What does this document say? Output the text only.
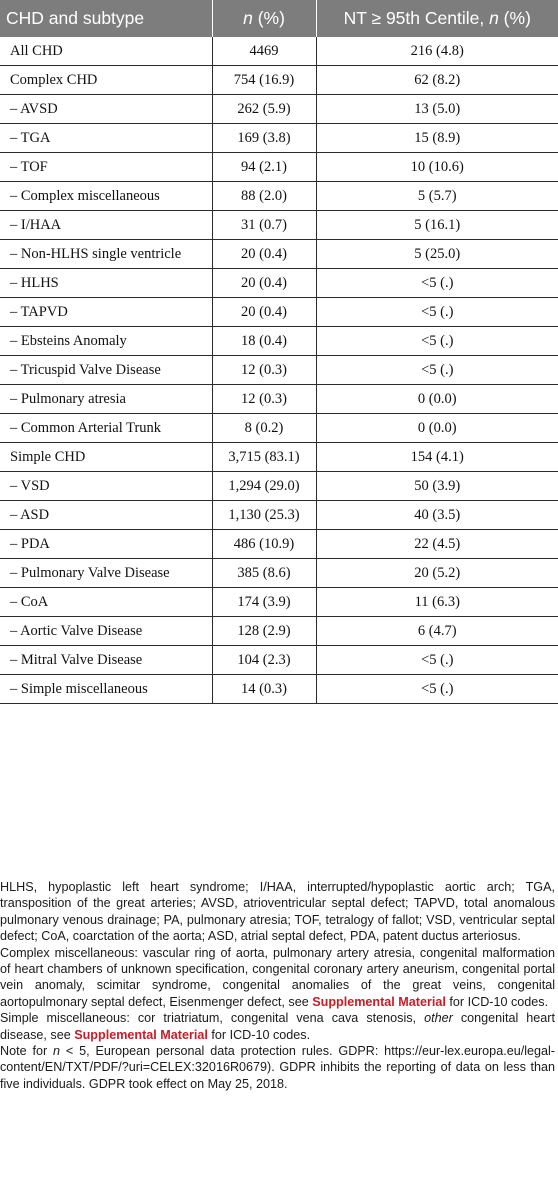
CHD and subtype	n (%)	NT ≥ 95th Centile, n (%)
All CHD	4469	216 (4.8)
Complex CHD	754 (16.9)	62 (8.2)
– AVSD	262 (5.9)	13 (5.0)
– TGA	169 (3.8)	15 (8.9)
– TOF	94 (2.1)	10 (10.6)
– Complex miscellaneous	88 (2.0)	5 (5.7)
– I/HAA	31 (0.7)	5 (16.1)
– Non-HLHS single ventricle	20 (0.4)	5 (25.0)
– HLHS	20 (0.4)	<5 (.)
– TAPVD	20 (0.4)	<5 (.)
– Ebsteins Anomaly	18 (0.4)	<5 (.)
– Tricuspid Valve Disease	12 (0.3)	<5 (.)
– Pulmonary atresia	12 (0.3)	0 (0.0)
– Common Arterial Trunk	8 (0.2)	0 (0.0)
Simple CHD	3,715 (83.1)	154 (4.1)
– VSD	1,294 (29.0)	50 (3.9)
– ASD	1,130 (25.3)	40 (3.5)
– PDA	486 (10.9)	22 (4.5)
– Pulmonary Valve Disease	385 (8.6)	20 (5.2)
– CoA	174 (3.9)	11 (6.3)
– Aortic Valve Disease	128 (2.9)	6 (4.7)
– Mitral Valve Disease	104 (2.3)	<5 (.)
– Simple miscellaneous	14 (0.3)	<5 (.)

HLHS, hypoplastic left heart syndrome; I/HAA, interrupted/hypoplastic aortic arch; TGA, transposition of the great arteries; AVSD, atrioventricular septal defect; TAPVD, total anomalous pulmonary venous drainage; PA, pulmonary atresia; TOF, tetralogy of fallot; VSD, ventricular septal defect; CoA, coarctation of the aorta; ASD, atrial septal defect, PDA, patent ductus arteriosus.

Complex miscellaneous: vascular ring of aorta, pulmonary artery atresia, congenital malformation of heart chambers of unknown specification, congenital coronary artery aneurism, congenital portal vein anomaly, scimitar syndrome, congenital anomalies of the great veins, congenital aortopulmonary septal defect, Eisenmenger defect, see Supplemental Material for ICD-10 codes.

Simple miscellaneous: cor triatriatum, congenital vena cava stenosis, other congenital heart disease, see Supplemental Material for ICD-10 codes.

Note for n < 5, European personal data protection rules. GDPR: https://eur-lex.europa.eu/legal-content/EN/TXT/PDF/?uri=CELEX:32016R0679). GDPR inhibits the reporting of data on less than five individuals. GDPR took effect on May 25, 2018.
